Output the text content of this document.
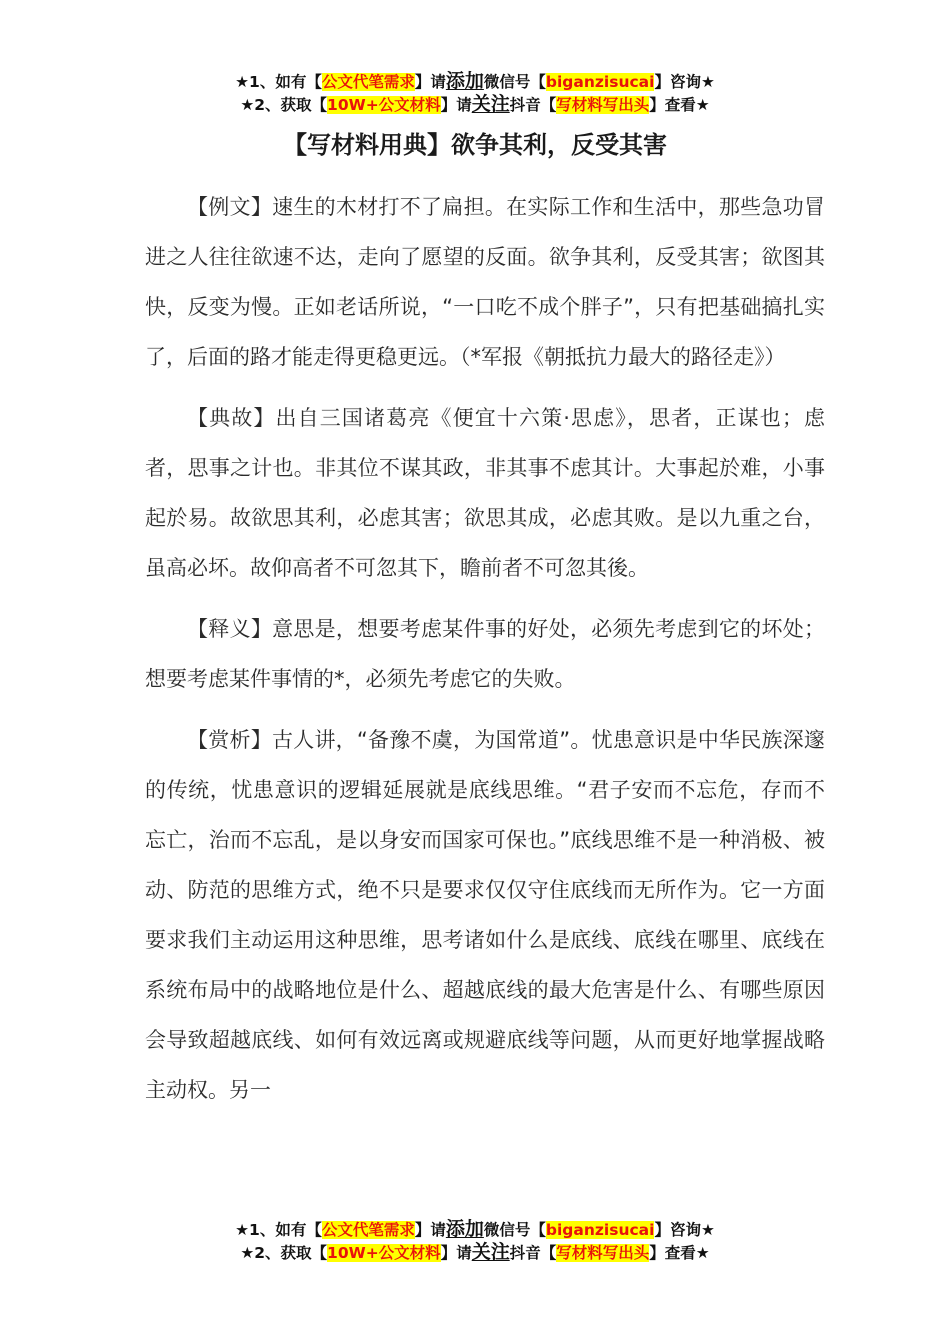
★1、如有【公文代笔需求】请添加微信号【biganzisucai】咨询★
★2、获取【10W+公文材料】请关注抖音【写材料写出头】查看★
【写材料用典】欲争其利，反受其害

【例文】速生的木材打不了扁担。在实际工作和生活中，那些急功冒进之人往往欲速不达，走向了愿望的反面。欲争其利，反受其害；欲图其快，反变为慢。正如老话所说，“一口吃不成个胖子”，只有把基础搞扎实了，后面的路才能走得更稳更远。（*军报《朝抵抗力最大的路径走》）

【典故】出自三国诸葛亮《便宜十六策·思虑》，思者，正谋也；虑者，思事之计也。非其位不谋其政，非其事不虑其计。大事起於难，小事起於易。故欲思其利，必虑其害；欲思其成，必虑其败。是以九重之台，虽高必坏。故仰高者不可忽其下，瞻前者不可忽其後。

【释义】意思是，想要考虑某件事的好处，必须先考虑到它的坏处；想要考虑某件事情的*，必须先考虑它的失败。

【赏析】古人讲，“备豫不虞，为国常道”。忧患意识是中华民族深邃的传统，忧患意识的逻辑延展就是底线思维。“君子安而不忘危，存而不忘亡，治而不忘乱，是以身安而国家可保也。”底线思维不是一种消极、被动、防范的思维方式，绝不只是要求仅仅守住底线而无所作为。它一方面要求我们主动运用这种思维，思考诸如什么是底线、底线在哪里、底线在系统布局中的战略地位是什么、超越底线的最大危害是什么、有哪些原因会导致超越底线、如何有效远离或规避底线等问题，从而更好地掌握战略主动权。另一

★1、如有【公文代笔需求】请添加微信号【biganzisucai】咨询★
★2、获取【10W+公文材料】请关注抖音【写材料写出头】查看★
